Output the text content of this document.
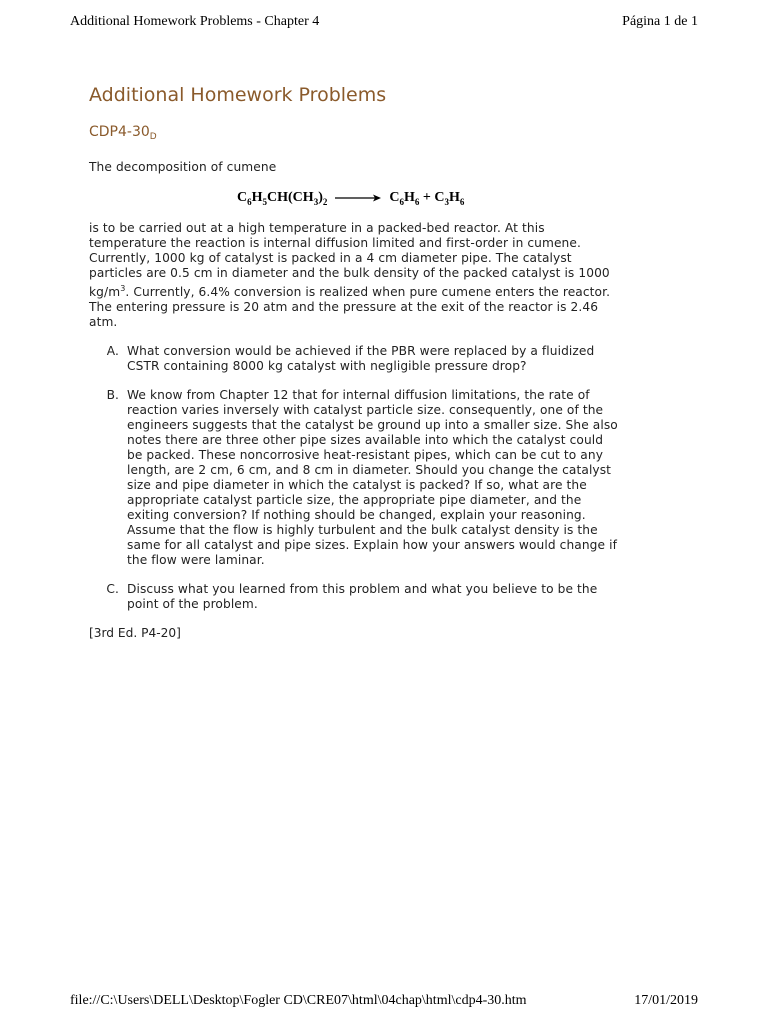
Additional Homework Problems - Chapter 4	Página 1 de 1
Additional Homework Problems
$CDP4-30_D$

The decomposition of cumene

$C_6H_5CH(CH_3)_2 \to C_6H_6 + C_3H_6$

is to be carried out at a high temperature in a packed-bed reactor. At this temperature the reaction is internal diffusion limited and first-order in cumene. Currently, 1000 kg of catalyst is packed in a 4 cm diameter pipe. The catalyst particles are 0.5 cm in diameter and the bulk density of the packed catalyst is 1000 $kg/m^3$. Currently, 6.4% conversion is realized when pure cumene enters the reactor. The entering pressure is 20 atm and the pressure at the exit of the reactor is 2.46 atm.

A. What conversion would be achieved if the PBR were replaced by a fluidized CSTR containing 8000 kg catalyst with negligible pressure drop?
B. We know from Chapter 12 that for internal diffusion limitations, the rate of reaction varies inversely with catalyst particle size. consequently, one of the engineers suggests that the catalyst be ground up into a smaller size. She also notes there are three other pipe sizes available into which the catalyst could be packed. These noncorrosive heat-resistant pipes, which can be cut to any length, are 2 cm, 6 cm, and 8 cm in diameter. Should you change the catalyst size and pipe diameter in which the catalyst is packed? If so, what are the appropriate catalyst particle size, the appropriate pipe diameter, and the exiting conversion? If nothing should be changed, explain your reasoning. Assume that the flow is highly turbulent and the bulk catalyst density is the same for all catalyst and pipe sizes. Explain how your answers would change if the flow were laminar.
C. Discuss what you learned from this problem and what you believe to be the point of the problem.

[3rd Ed. P4-20]

file://C:\Users\DELL\Desktop\Fogler CD\CRE07\html\04chap\html\cdp4-30.htm	17/01/2019
